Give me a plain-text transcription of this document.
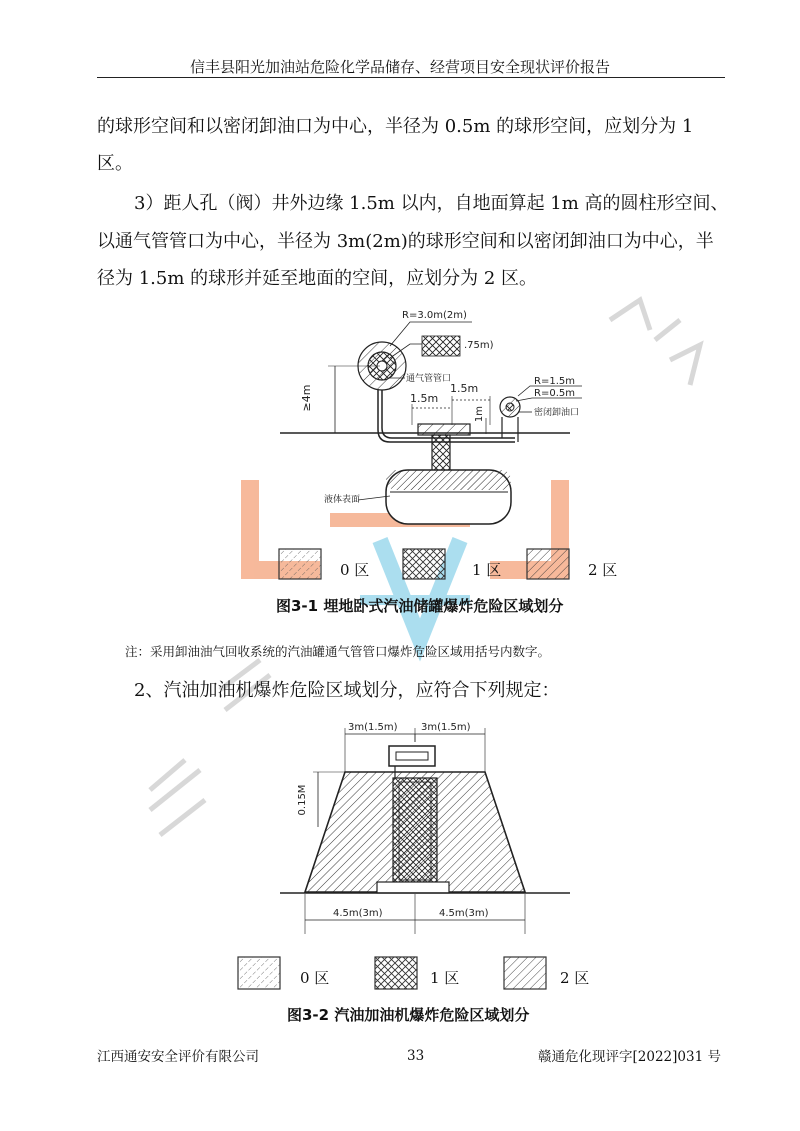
信丰县阳光加油站危险化学品储存、经营项目安全现状评价报告
的球形空间和以密闭卸油口为中心，半径为 0.5m 的球形空间，应划分为 1
区。
3）距人孔（阀）井外边缘 1.5m 以内，自地面算起 1m 高的圆柱形空间、
以通气管管口为中心，半径为 3m(2m)的球形空间和以密闭卸油口为中心，半
径为 1.5m 的球形并延至地面的空间，应划分为 2 区。
R=3.0m(2m)
.75m)
通气管管口	R=1.5m
R=0.5m
密闭卸油口
≥4m	1.5m
1.5m
1m
液体表面
0 区	1 区	2 区
图3-1 埋地卧式汽油储罐爆炸危险区域划分
注：采用卸油油气回收系统的汽油罐通气管管口爆炸危险区域用括号内数字。
2、汽油加油机爆炸危险区域划分，应符合下列规定：
3m(1.5m) 3m(1.5m)
0.15M
4.5m(3m)	4.5m(3m)
0 区	1 区	2 区
图3-2 汽油加油机爆炸危险区域划分
江西通安安全评价有限公司	33	赣通危化现评字[2022]031 号
